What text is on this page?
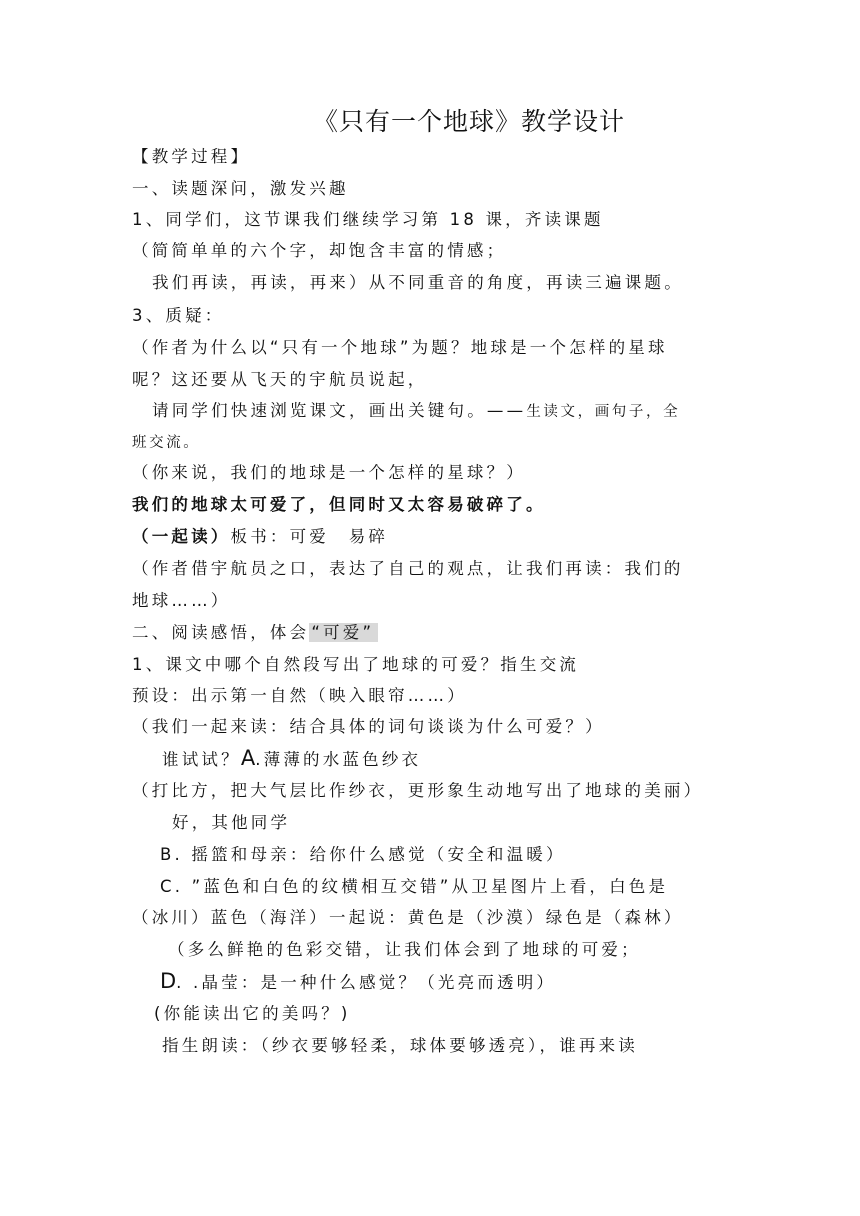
《只有一个地球》教学设计
【教学过程】
一、读题深问，激发兴趣
1、同学们，这节课我们继续学习第 18 课，齐读课题
（简简单单的六个字，却饱含丰富的情感；
我们再读，再读，再来）从不同重音的角度，再读三遍课题。
3、质疑：
（作者为什么以“只有一个地球”为题？地球是一个怎样的星球
呢？这还要从飞天的宇航员说起，
请同学们快速浏览课文，画出关键句。——生读文，画句子，全
班交流。
（你来说，我们的地球是一个怎样的星球？）
我们的地球太可爱了，但同时又太容易破碎了。
（一起读）板书：可爱　易碎
（作者借宇航员之口，表达了自己的观点，让我们再读：我们的
地球……）
二、阅读感悟，体会 “可爱”
1、课文中哪个自然段写出了地球的可爱？指生交流
预设：出示第一自然（映入眼帘……）
（我们一起来读：结合具体的词句谈谈为什么可爱？）
谁试试？A.薄薄的水蓝色纱衣
（打比方，把大气层比作纱衣，更形象生动地写出了地球的美丽）
好，其他同学
B. 摇篮和母亲：给你什么感觉（安全和温暖）
C. ”蓝色和白色的纹横相互交错”从卫星图片上看，白色是
（冰川）蓝色（海洋）一起说：黄色是（沙漠）绿色是（森林）
（多么鲜艳的色彩交错，让我们体会到了地球的可爱；
D. .晶莹：是一种什么感觉？（光亮而透明）
(你能读出它的美吗？)
指生朗读：（纱衣要够轻柔，球体要够透亮），谁再来读
